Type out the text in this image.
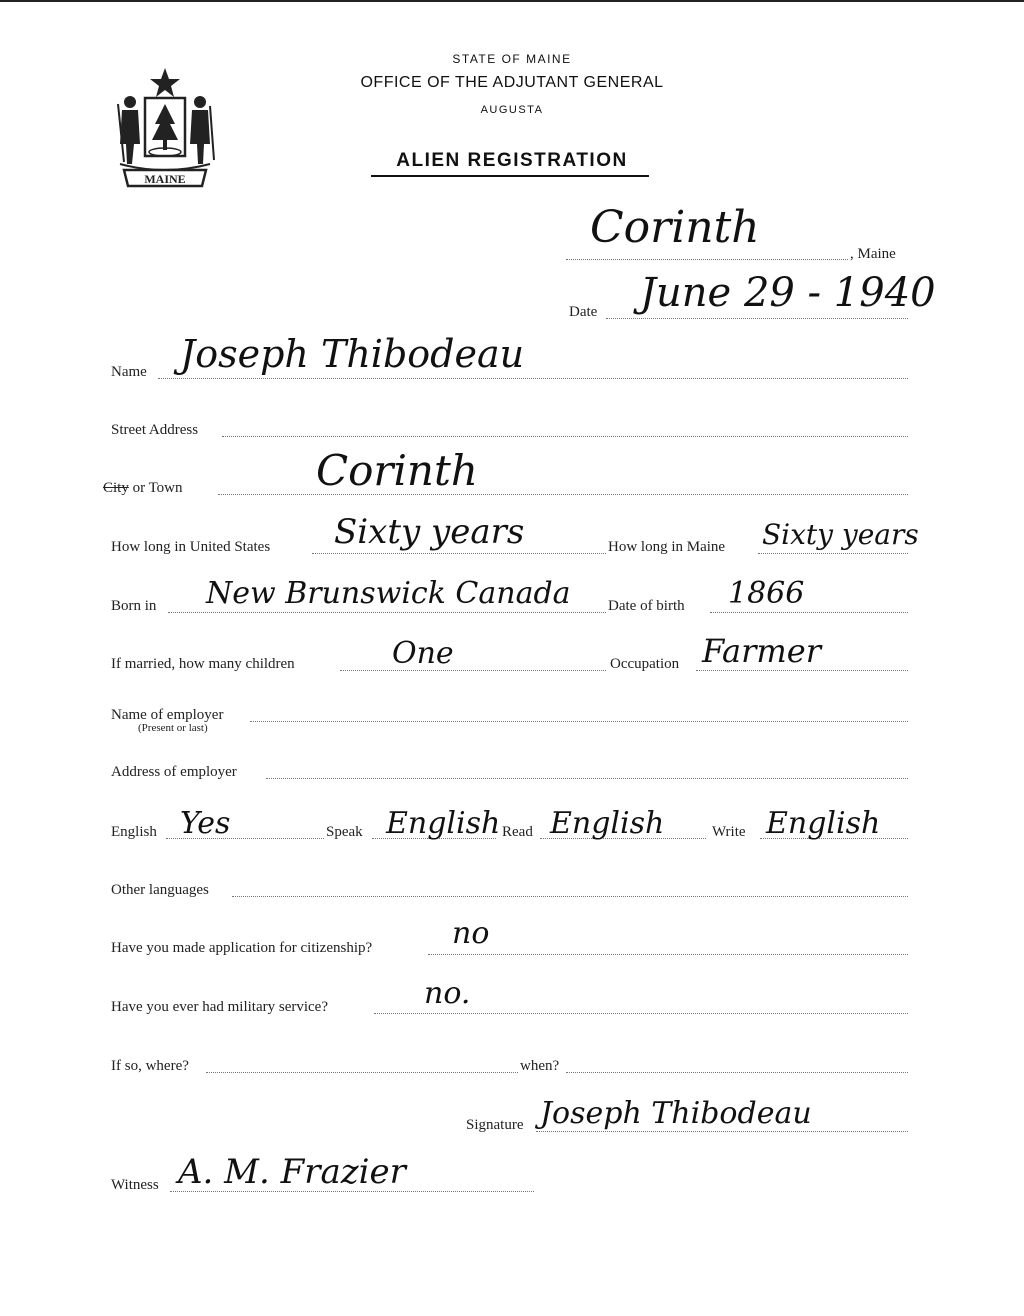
MAINE
STATE OF MAINE
OFFICE OF THE ADJUTANT GENERAL
AUGUSTA
ALIEN REGISTRATION
Corinth
, Maine
Date June 29 - 1940
Name Joseph Thibodeau
Street Address
City or Town	Corinth
How long in United States Sixty years	How long in Maine Sixty years
Born in New Brunswick Canada Date of birth 1866
If married, how many children	One	Occupation Farmer
Name of employer
(Present or last)
Address of employer
English Yes	Speak English Read English	Write English
Other languages
Have you made application for citizenship?	no
Have you ever had military service?	no.
If so, where?	when?
Signature Joseph Thibodeau
Witness A. M. Frazier
